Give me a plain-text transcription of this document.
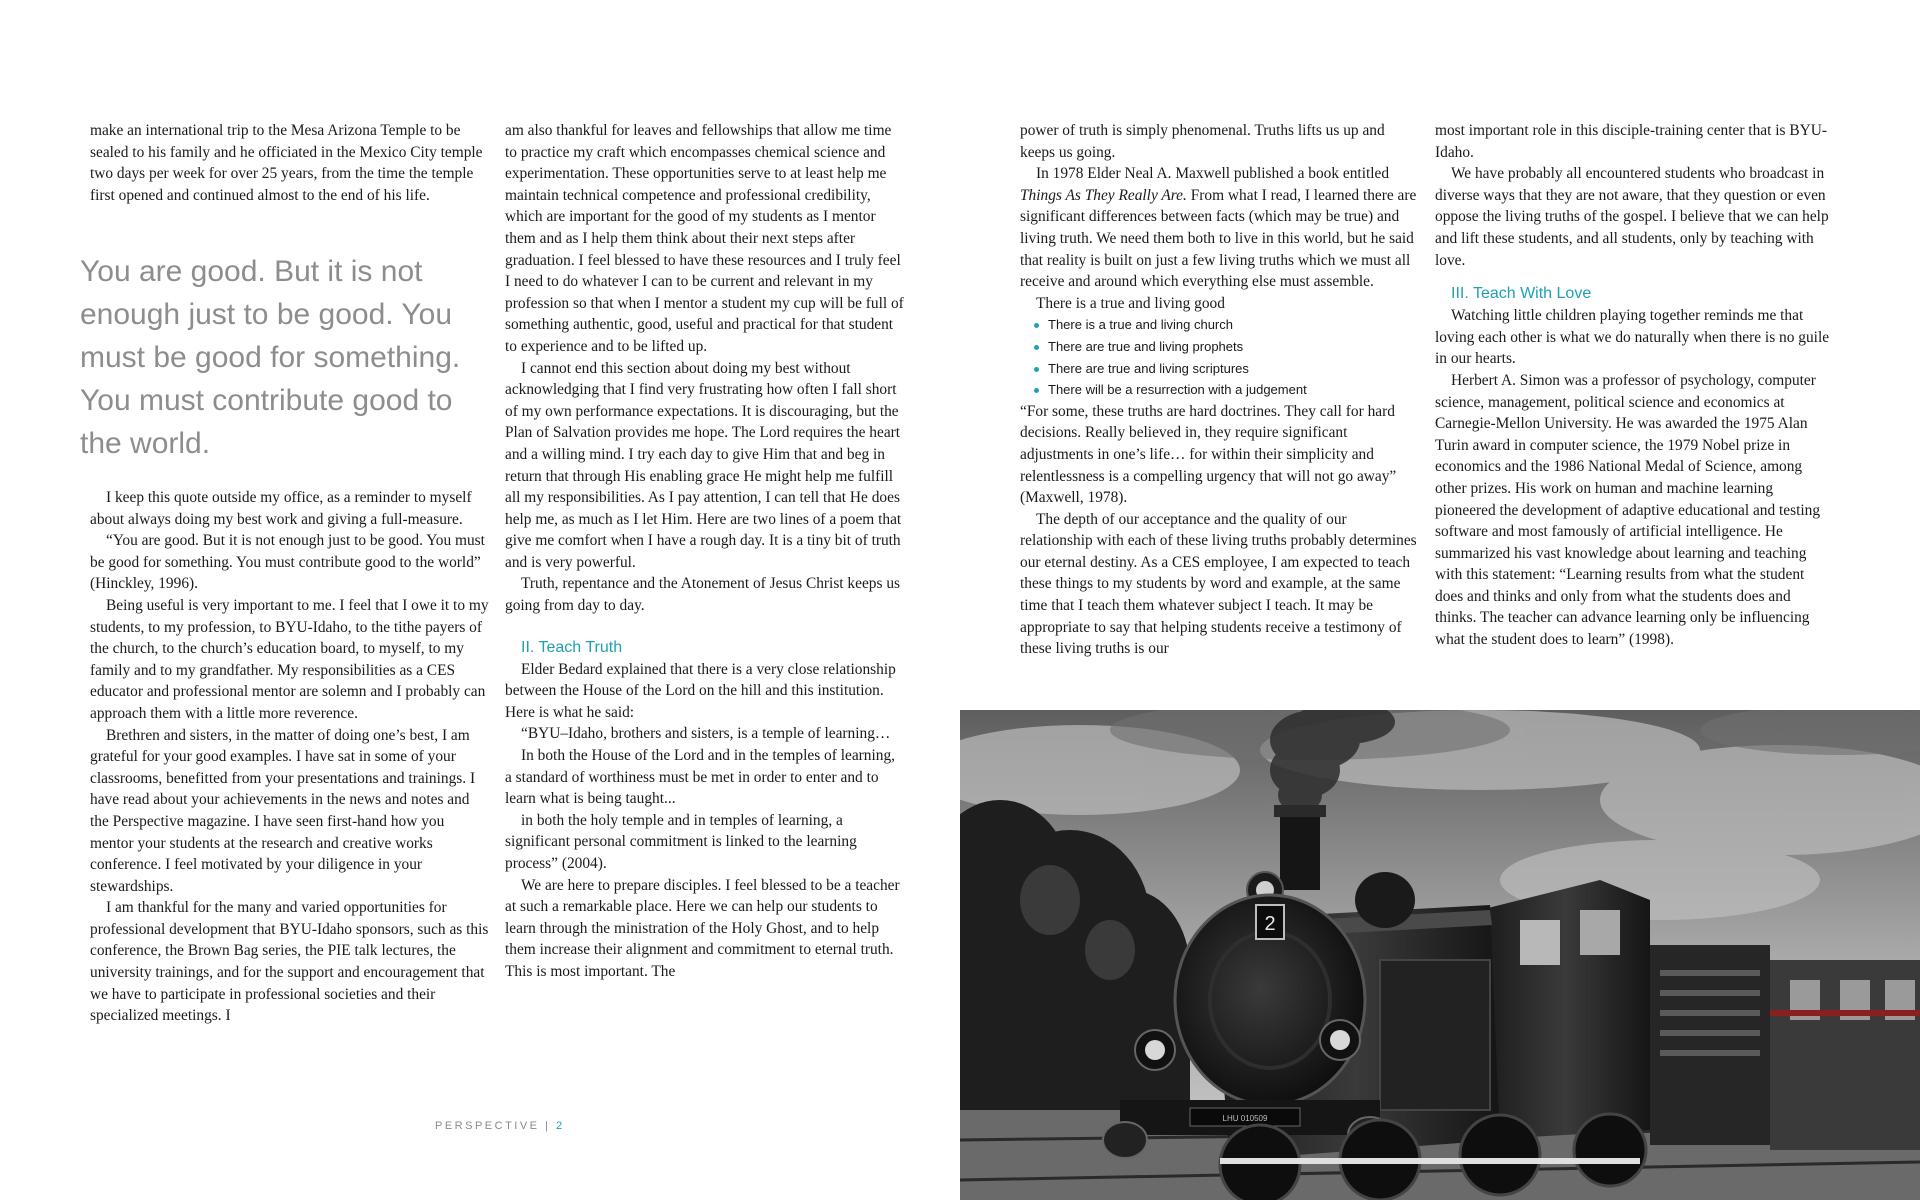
make an international trip to the Mesa Arizona Temple to be sealed to his family and he officiated in the Mexico City temple two days per week for over 25 years, from the time the temple first opened and continued almost to the end of his life.

You are good. But it is not enough just to be good. You must be good for something. You must contribute good to the world.

I keep this quote outside my office, as a reminder to myself about always doing my best work and giving a full-measure.

“You are good. But it is not enough just to be good. You must be good for something. You must contribute good to the world” (Hinckley, 1996).

Being useful is very important to me. I feel that I owe it to my students, to my profession, to BYU-Idaho, to the tithe payers of the church, to the church’s education board, to myself, to my family and to my grandfather. My responsibilities as a CES educator and professional mentor are solemn and I probably can approach them with a little more reverence.

Brethren and sisters, in the matter of doing one’s best, I am grateful for your good examples. I have sat in some of your classrooms, benefitted from your presentations and trainings. I have read about your achievements in the news and notes and the Perspective magazine. I have seen first-hand how you mentor your students at the research and creative works conference. I feel motivated by your diligence in your stewardships.

I am thankful for the many and varied opportunities for professional development that BYU-Idaho sponsors, such as this conference, the Brown Bag series, the PIE talk lectures, the university trainings, and for the support and encouragement that we have to participate in professional societies and their specialized meetings. I

am also thankful for leaves and fellowships that allow me time to practice my craft which encompasses chemical science and experimentation. These opportunities serve to at least help me maintain technical competence and professional credibility, which are important for the good of my students as I mentor them and as I help them think about their next steps after graduation. I feel blessed to have these resources and I truly feel I need to do whatever I can to be current and relevant in my profession so that when I mentor a student my cup will be full of something authentic, good, useful and practical for that student to experience and to be lifted up.

I cannot end this section about doing my best without acknowledging that I find very frustrating how often I fall short of my own performance expectations. It is discouraging, but the Plan of Salvation provides me hope. The Lord requires the heart and a willing mind. I try each day to give Him that and beg in return that through His enabling grace He might help me fulfill all my responsibilities. As I pay attention, I can tell that He does help me, as much as I let Him. Here are two lines of a poem that give me comfort when I have a rough day. It is a tiny bit of truth and is very powerful.

Truth, repentance and the Atonement of Jesus Christ keeps us going from day to day.

II. Teach Truth

Elder Bedard explained that there is a very close relationship between the House of the Lord on the hill and this institution. Here is what he said:

“BYU–Idaho, brothers and sisters, is a temple of learning…

In both the House of the Lord and in the temples of learning, a standard of worthiness must be met in order to enter and to learn what is being taught...

in both the holy temple and in temples of learning, a significant personal commitment is linked to the learning process” (2004).

We are here to prepare disciples. I feel blessed to be a teacher at such a remarkable place. Here we can help our students to learn through the ministration of the Holy Ghost, and to help them increase their alignment and commitment to eternal truth. This is most important. The

power of truth is simply phenomenal. Truths lifts us up and keeps us going.

In 1978 Elder Neal A. Maxwell published a book entitled Things As They Really Are. From what I read, I learned there are significant differences between facts (which may be true) and living truth. We need them both to live in this world, but he said that reality is built on just a few living truths which we must all receive and around which everything else must assemble.

There is a true and living good

There is a true and living church
There are true and living prophets
There are true and living scriptures
There will be a resurrection with a judgement

“For some, these truths are hard doctrines. They call for hard decisions. Really believed in, they require significant adjustments in one’s life… for within their simplicity and relentlessness is a compelling urgency that will not go away” (Maxwell, 1978).

The depth of our acceptance and the quality of our relationship with each of these living truths probably determines our eternal destiny. As a CES employee, I am expected to teach these things to my students by word and example, at the same time that I teach them whatever subject I teach. It may be appropriate to say that helping students receive a testimony of these living truths is our

most important role in this disciple-training center that is BYU-Idaho.

We have probably all encountered students who broadcast in diverse ways that they are not aware, that they question or even oppose the living truths of the gospel. I believe that we can help and lift these students, and all students, only by teaching with love.

III. Teach With Love

Watching little children playing together reminds me that loving each other is what we do naturally when there is no guile in our hearts.

Herbert A. Simon was a professor of psychology, computer science, management, political science and economics at Carnegie-Mellon University. He was awarded the 1975 Alan Turin award in computer science, the 1979 Nobel prize in economics and the 1986 National Medal of Science, among other prizes. His work on human and machine learning pioneered the development of adaptive educational and testing software and most famously of artificial intelligence. He summarized his vast knowledge about learning and teaching with this statement: “Learning results from what the student does and thinks and only from what the students does and thinks. The teacher can advance learning only be influencing what the student does to learn” (1998).

PERSPECTIVE | 2
2
LHU 010509
